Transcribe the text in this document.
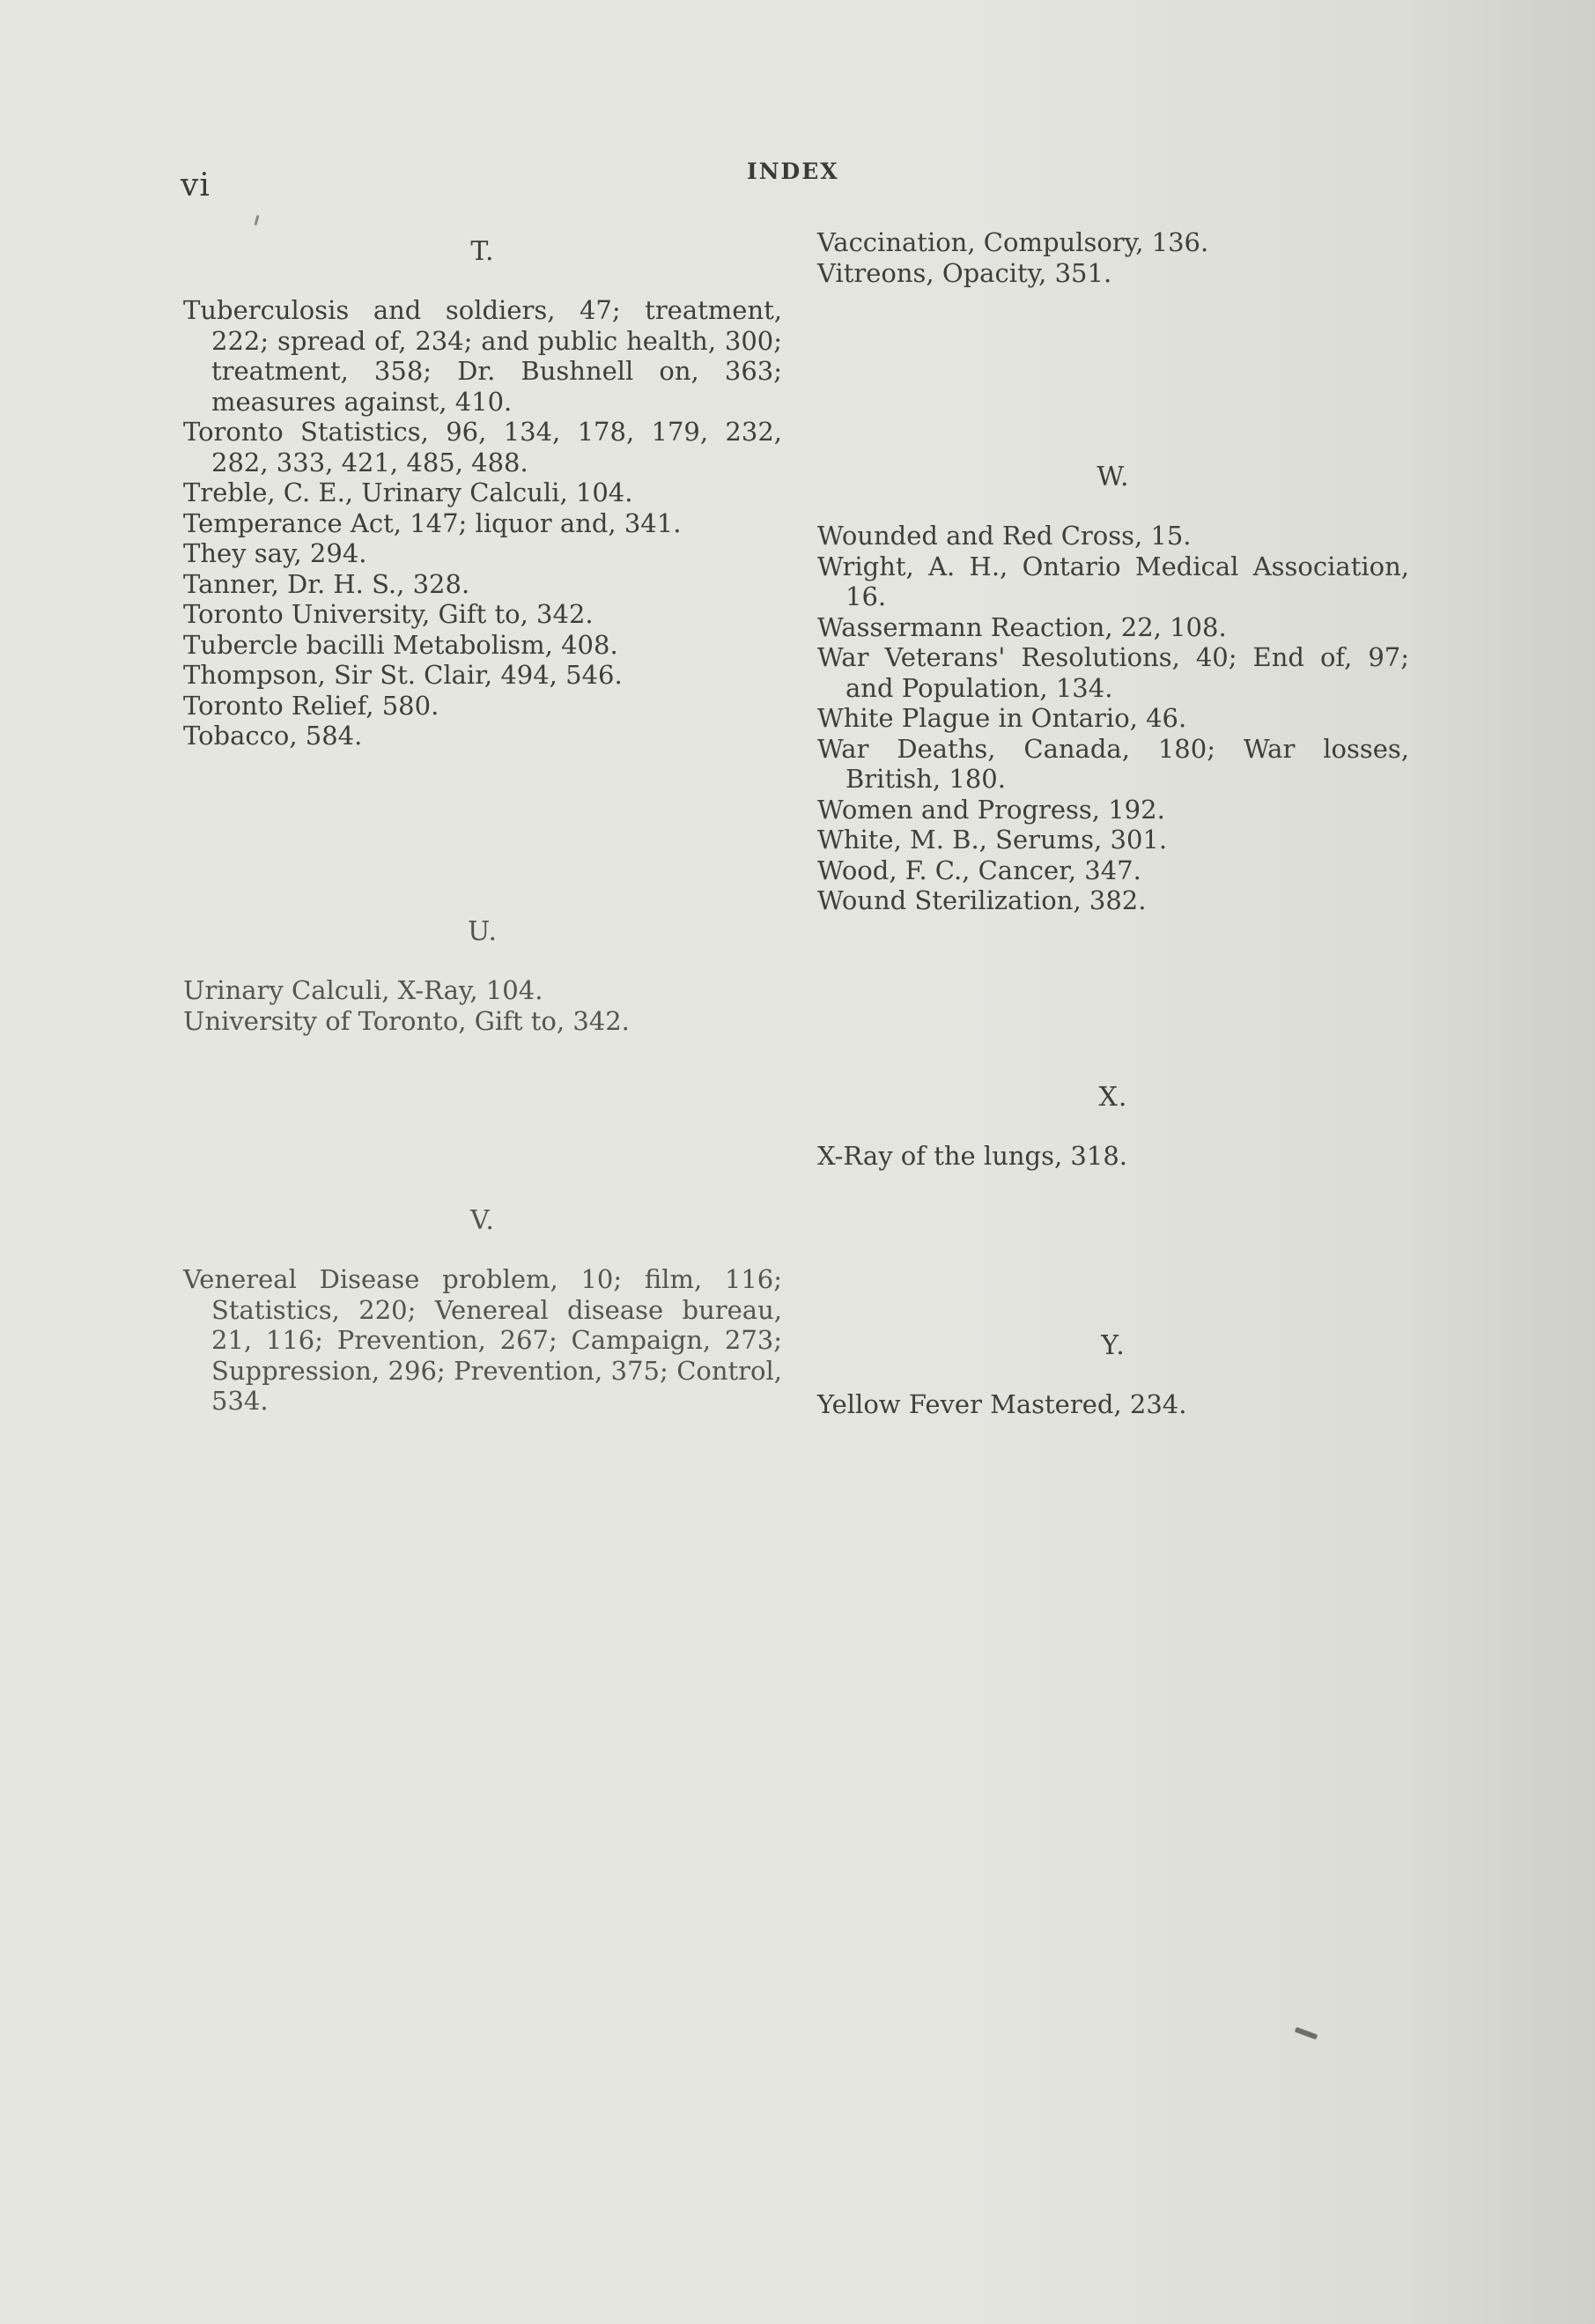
vi	INDEX
T.
Tuberculosis and soldiers, 47; treatment, 222; spread of, 234; and public health, 300; treatment, 358; Dr. Bushnell on, 363; measures against, 410.
Toronto Statistics, 96, 134, 178, 179, 232, 282, 333, 421, 485, 488.
Treble, C. E., Urinary Calculi, 104.
Temperance Act, 147; liquor and, 341.
They say, 294.
Tanner, Dr. H. S., 328.
Toronto University, Gift to, 342.
Tubercle bacilli Metabolism, 408.
Thompson, Sir St. Clair, 494, 546.
Toronto Relief, 580.
Tobacco, 584.
U.
Urinary Calculi, X-Ray, 104.
University of Toronto, Gift to, 342.
V.
Venereal Disease problem, 10; film, 116; Statistics, 220; Venereal disease bureau, 21, 116; Prevention, 267; Campaign, 273; Suppression, 296; Prevention, 375; Control, 534.
Vaccination, Compulsory, 136.
Vitreons, Opacity, 351.
W.
Wounded and Red Cross, 15.
Wright, A. H., Ontario Medical Association, 16.
Wassermann Reaction, 22, 108.
War Veterans' Resolutions, 40; End of, 97; and Population, 134.
White Plague in Ontario, 46.
War Deaths, Canada, 180; War losses, British, 180.
Women and Progress, 192.
White, M. B., Serums, 301.
Wood, F. C., Cancer, 347.
Wound Sterilization, 382.
X.
X-Ray of the lungs, 318.
Y.
Yellow Fever Mastered, 234.
